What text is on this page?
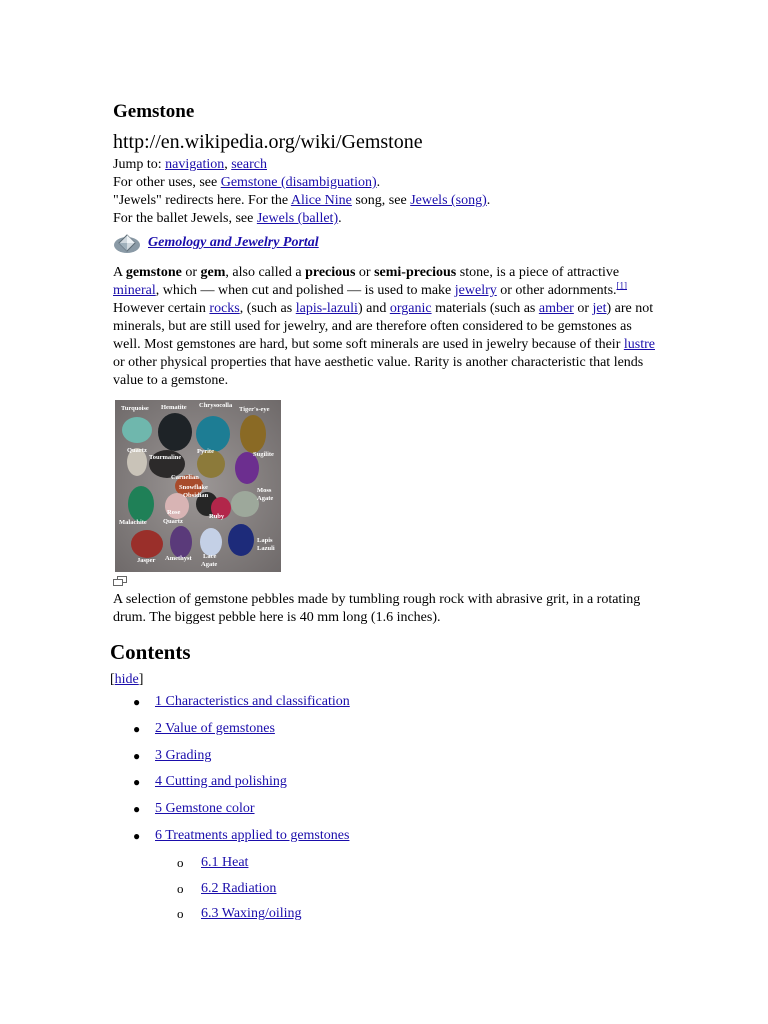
Gemstone
http://en.wikipedia.org/wiki/Gemstone
Jump to: navigation, search
For other uses, see Gemstone (disambiguation).
"Jewels" redirects here. For the Alice Nine song, see Jewels (song).
For the ballet Jewels, see Jewels (ballet).
Gemology and Jewelry Portal

A gemstone or gem, also called a precious or semi-precious stone, is a piece of attractive mineral, which — when cut and polished — is used to make jewelry or other adornments.[1] However certain rocks, (such as lapis-lazuli) and organic materials (such as amber or jet) are not minerals, but are still used for jewelry, and are therefore often considered to be gemstones as well. Most gemstones are hard, but some soft minerals are used in jewelry because of their lustre or other physical properties that have aesthetic value. Rarity is another characteristic that lends value to a gemstone.

Turquoise Hematite Chrysocolla
Tiger's-eye
Quartz
Tourmaline
Pyrite	Sugilite
Carnelian
Snowflake
Obsidian
Moss
Agate
Malachite
Rose
Quartz
Ruby
Lapis
Lazuli
Jasper Amethyst Lace
Agate

A selection of gemstone pebbles made by tumbling rough rock with abrasive grit, in a rotating drum. The biggest pebble here is 40 mm long (1.6 inches).

Contents
[hide]
● 1 Characteristics and classification
● 2 Value of gemstones
● 3 Grading
● 4 Cutting and polishing
● 5 Gemstone color
● 6 Treatments applied to gemstones
o 6.1 Heat
o 6.2 Radiation
o 6.3 Waxing/oiling
